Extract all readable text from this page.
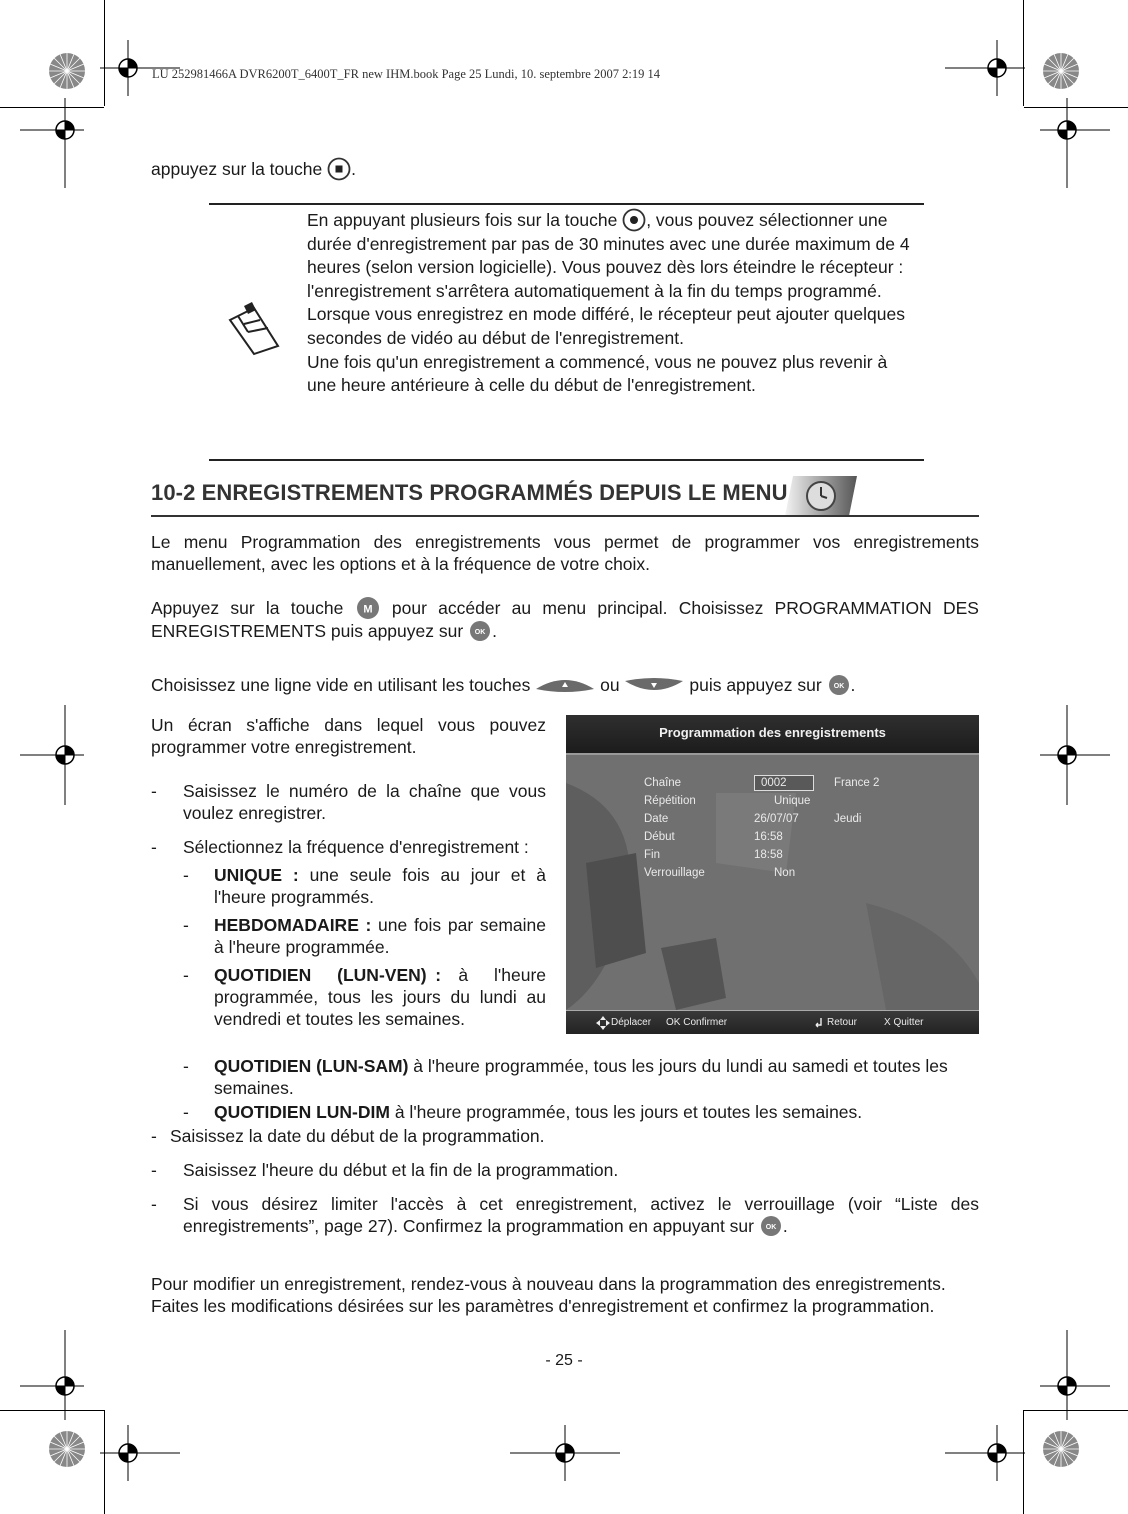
LU 252981466A DVR6200T_6400T_FR new IHM.book Page 25 Lundi, 10. septembre 2007 2:19 14
appuyez sur la touche .
En appuyant plusieurs fois sur la touche , vous pouvez sélectionner une durée d'enregistrement par pas de 30 minutes avec une durée maximum de 4 heures (selon version logicielle). Vous pouvez dès lors éteindre le récepteur : l'enregistrement s'arrêtera automatiquement à la fin du temps programmé.
Lorsque vous enregistrez en mode différé, le récepteur peut ajouter quelques secondes de vidéo au début de l'enregistrement.
Une fois qu'un enregistrement a commencé, vous ne pouvez plus revenir à une heure antérieure à celle du début de l'enregistrement.
10-2 ENREGISTREMENTS PROGRAMMÉS DEPUIS LE MENU
Le menu Programmation des enregistrements vous permet de programmer vos enregistrements manuellement, avec les options et à la fréquence de votre choix.
Appuyez sur la touche M pour accéder au menu principal. Choisissez PROGRAMMATION DES ENREGISTREMENTS puis appuyez sur OK .
Choisissez une ligne vide en utilisant les touches	ou	puis appuyez sur OK .
Un écran s'affiche dans lequel vous pouvez programmer votre enregistrement.
- Saisissez le numéro de la chaîne que vous voulez enregistrer.
- Sélectionnez la fréquence d'enregistrement :
- UNIQUE : une seule fois au jour et à l'heure programmés.
- HEBDOMADAIRE : une fois par semaine à l'heure programmée.
- QUOTIDIEN   (LUN-VEN) :  à   l'heure programmée, tous les jours du lundi au vendredi et toutes les semaines.
- QUOTIDIEN (LUN-SAM) à l'heure programmée, tous les jours du lundi au samedi et toutes les semaines.
- QUOTIDIEN LUN-DIM à l'heure programmée, tous les jours et toutes les semaines.
- Saisissez la date du début de la programmation.
- Saisissez l'heure du début et la fin de la programmation.
- Si vous désirez limiter l'accès à cet enregistrement, activez le verrouillage (voir “Liste des enregistrements”, page 27). Confirmez la programmation en appuyant sur OK .
Pour modifier un enregistrement, rendez-vous à nouveau dans la programmation des enregistrements. Faites les modifications désirées sur les paramètres d'enregistrement et confirmez la programmation.
Programmation des enregistrements
Chaîne	0002	France 2
Répétition	Unique
Date	26/07/07	Jeudi
Début	16:58
Fin	18:58
Verrouillage	Non
Déplacer OK Confirmer	Retour	X Quitter
- 25 -
